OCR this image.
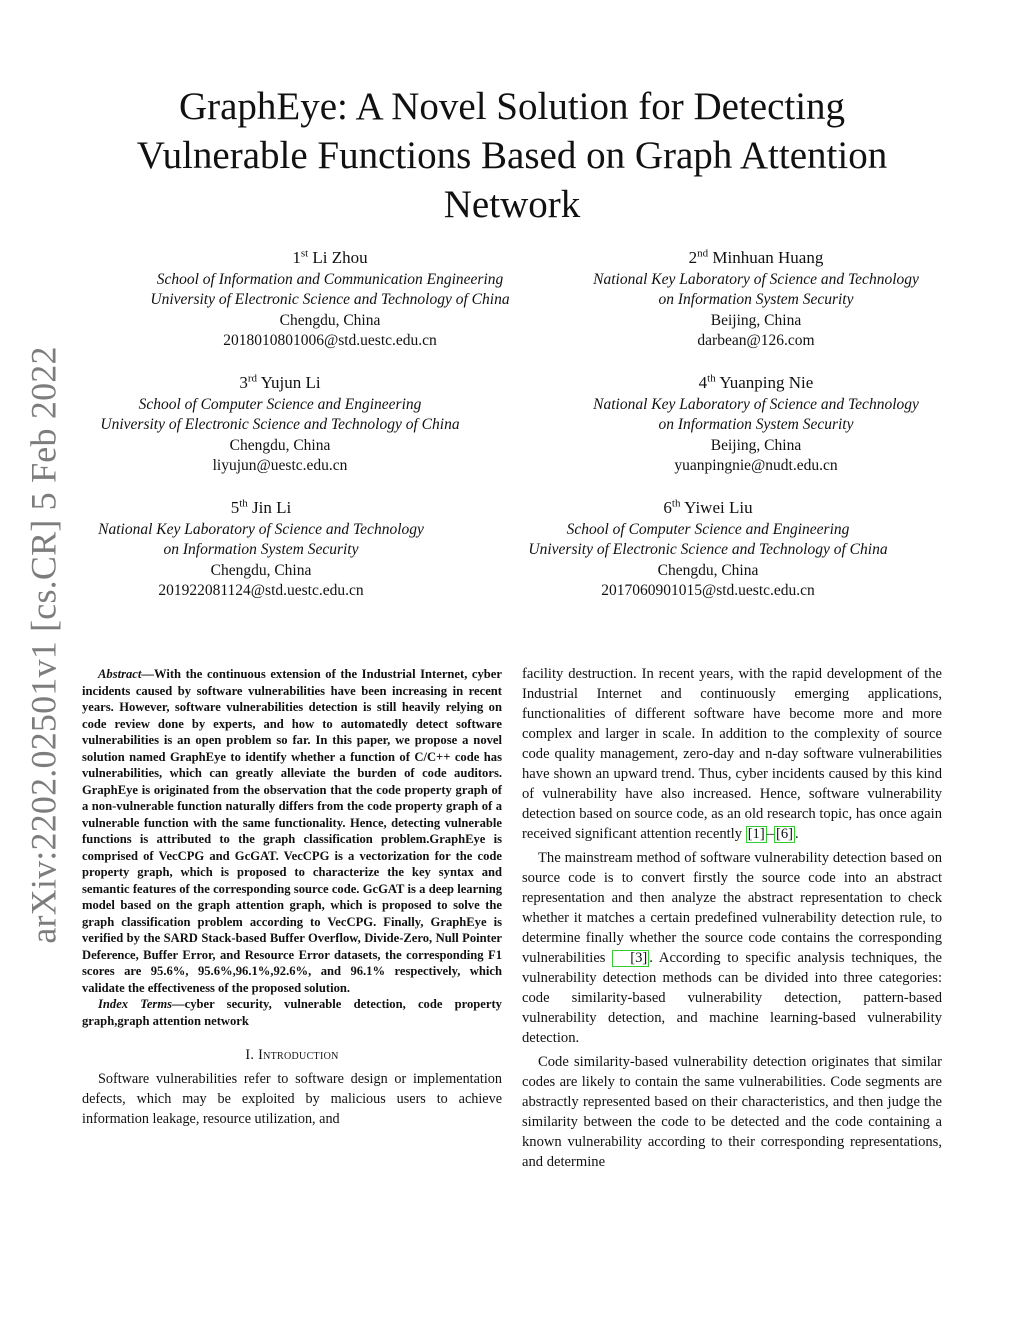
arXiv:2202.02501v1 [cs.CR] 5 Feb 2022
GraphEye: A Novel Solution for Detecting Vulnerable Functions Based on Graph Attention Network
1st Li Zhou
School of Information and Communication Engineering
University of Electronic Science and Technology of China
Chengdu, China
2018010801006@std.uestc.edu.cn
2nd Minhuan Huang
National Key Laboratory of Science and Technology
on Information System Security
Beijing, China
darbean@126.com
3rd Yujun Li
School of Computer Science and Engineering
University of Electronic Science and Technology of China
Chengdu, China
liyujun@uestc.edu.cn
4th Yuanping Nie
National Key Laboratory of Science and Technology
on Information System Security
Beijing, China
yuanpingnie@nudt.edu.cn
5th Jin Li
National Key Laboratory of Science and Technology
on Information System Security
Chengdu, China
201922081124@std.uestc.edu.cn
6th Yiwei Liu
School of Computer Science and Engineering
University of Electronic Science and Technology of China
Chengdu, China
2017060901015@std.uestc.edu.cn

Abstract—With the continuous extension of the Industrial Internet, cyber incidents caused by software vulnerabilities have been increasing in recent years. However, software vulnerabilities detection is still heavily relying on code review done by experts, and how to automatedly detect software vulnerabilities is an open problem so far. In this paper, we propose a novel solution named GraphEye to identify whether a function of C/C++ code has vulnerabilities, which can greatly alleviate the burden of code auditors. GraphEye is originated from the observation that the code property graph of a non-vulnerable function naturally differs from the code property graph of a vulnerable function with the same functionality. Hence, detecting vulnerable functions is attributed to the graph classification problem.GraphEye is comprised of VecCPG and GcGAT. VecCPG is a vectorization for the code property graph, which is proposed to characterize the key syntax and semantic features of the corresponding source code. GcGAT is a deep learning model based on the graph attention graph, which is proposed to solve the graph classification problem according to VecCPG. Finally, GraphEye is verified by the SARD Stack-based Buffer Overflow, Divide-Zero, Null Pointer Deference, Buffer Error, and Resource Error datasets, the corresponding F1 scores are 95.6%, 95.6%,96.1%,92.6%, and 96.1% respectively, which validate the effectiveness of the proposed solution.

Index Terms—cyber security, vulnerable detection, code property graph,graph attention network

I. Introduction

Software vulnerabilities refer to software design or implementation defects, which may be exploited by malicious users to achieve information leakage, resource utilization, and

facility destruction. In recent years, with the rapid development of the Industrial Internet and continuously emerging applications, functionalities of different software have become more and more complex and larger in scale. In addition to the complexity of source code quality management, zero-day and n-day software vulnerabilities have shown an upward trend. Thus, cyber incidents caused by this kind of vulnerability have also increased. Hence, software vulnerability detection based on source code, as an old research topic, has once again received significant attention recently [1] – [6] .

The mainstream method of software vulnerability detection based on source code is to convert firstly the source code into an abstract representation and then analyze the abstract representation to check whether it matches a certain predefined vulnerability detection rule, to determine finally whether the source code contains the corresponding vulnerabilities [3] . According to specific analysis techniques, the vulnerability detection methods can be divided into three categories: code similarity-based vulnerability detection, pattern-based vulnerability detection, and machine learning-based vulnerability detection.

Code similarity-based vulnerability detection originates that similar codes are likely to contain the same vulnerabilities. Code segments are abstractly represented based on their characteristics, and then judge the similarity between the code to be detected and the code containing a known vulnerability according to their corresponding representations, and determine
